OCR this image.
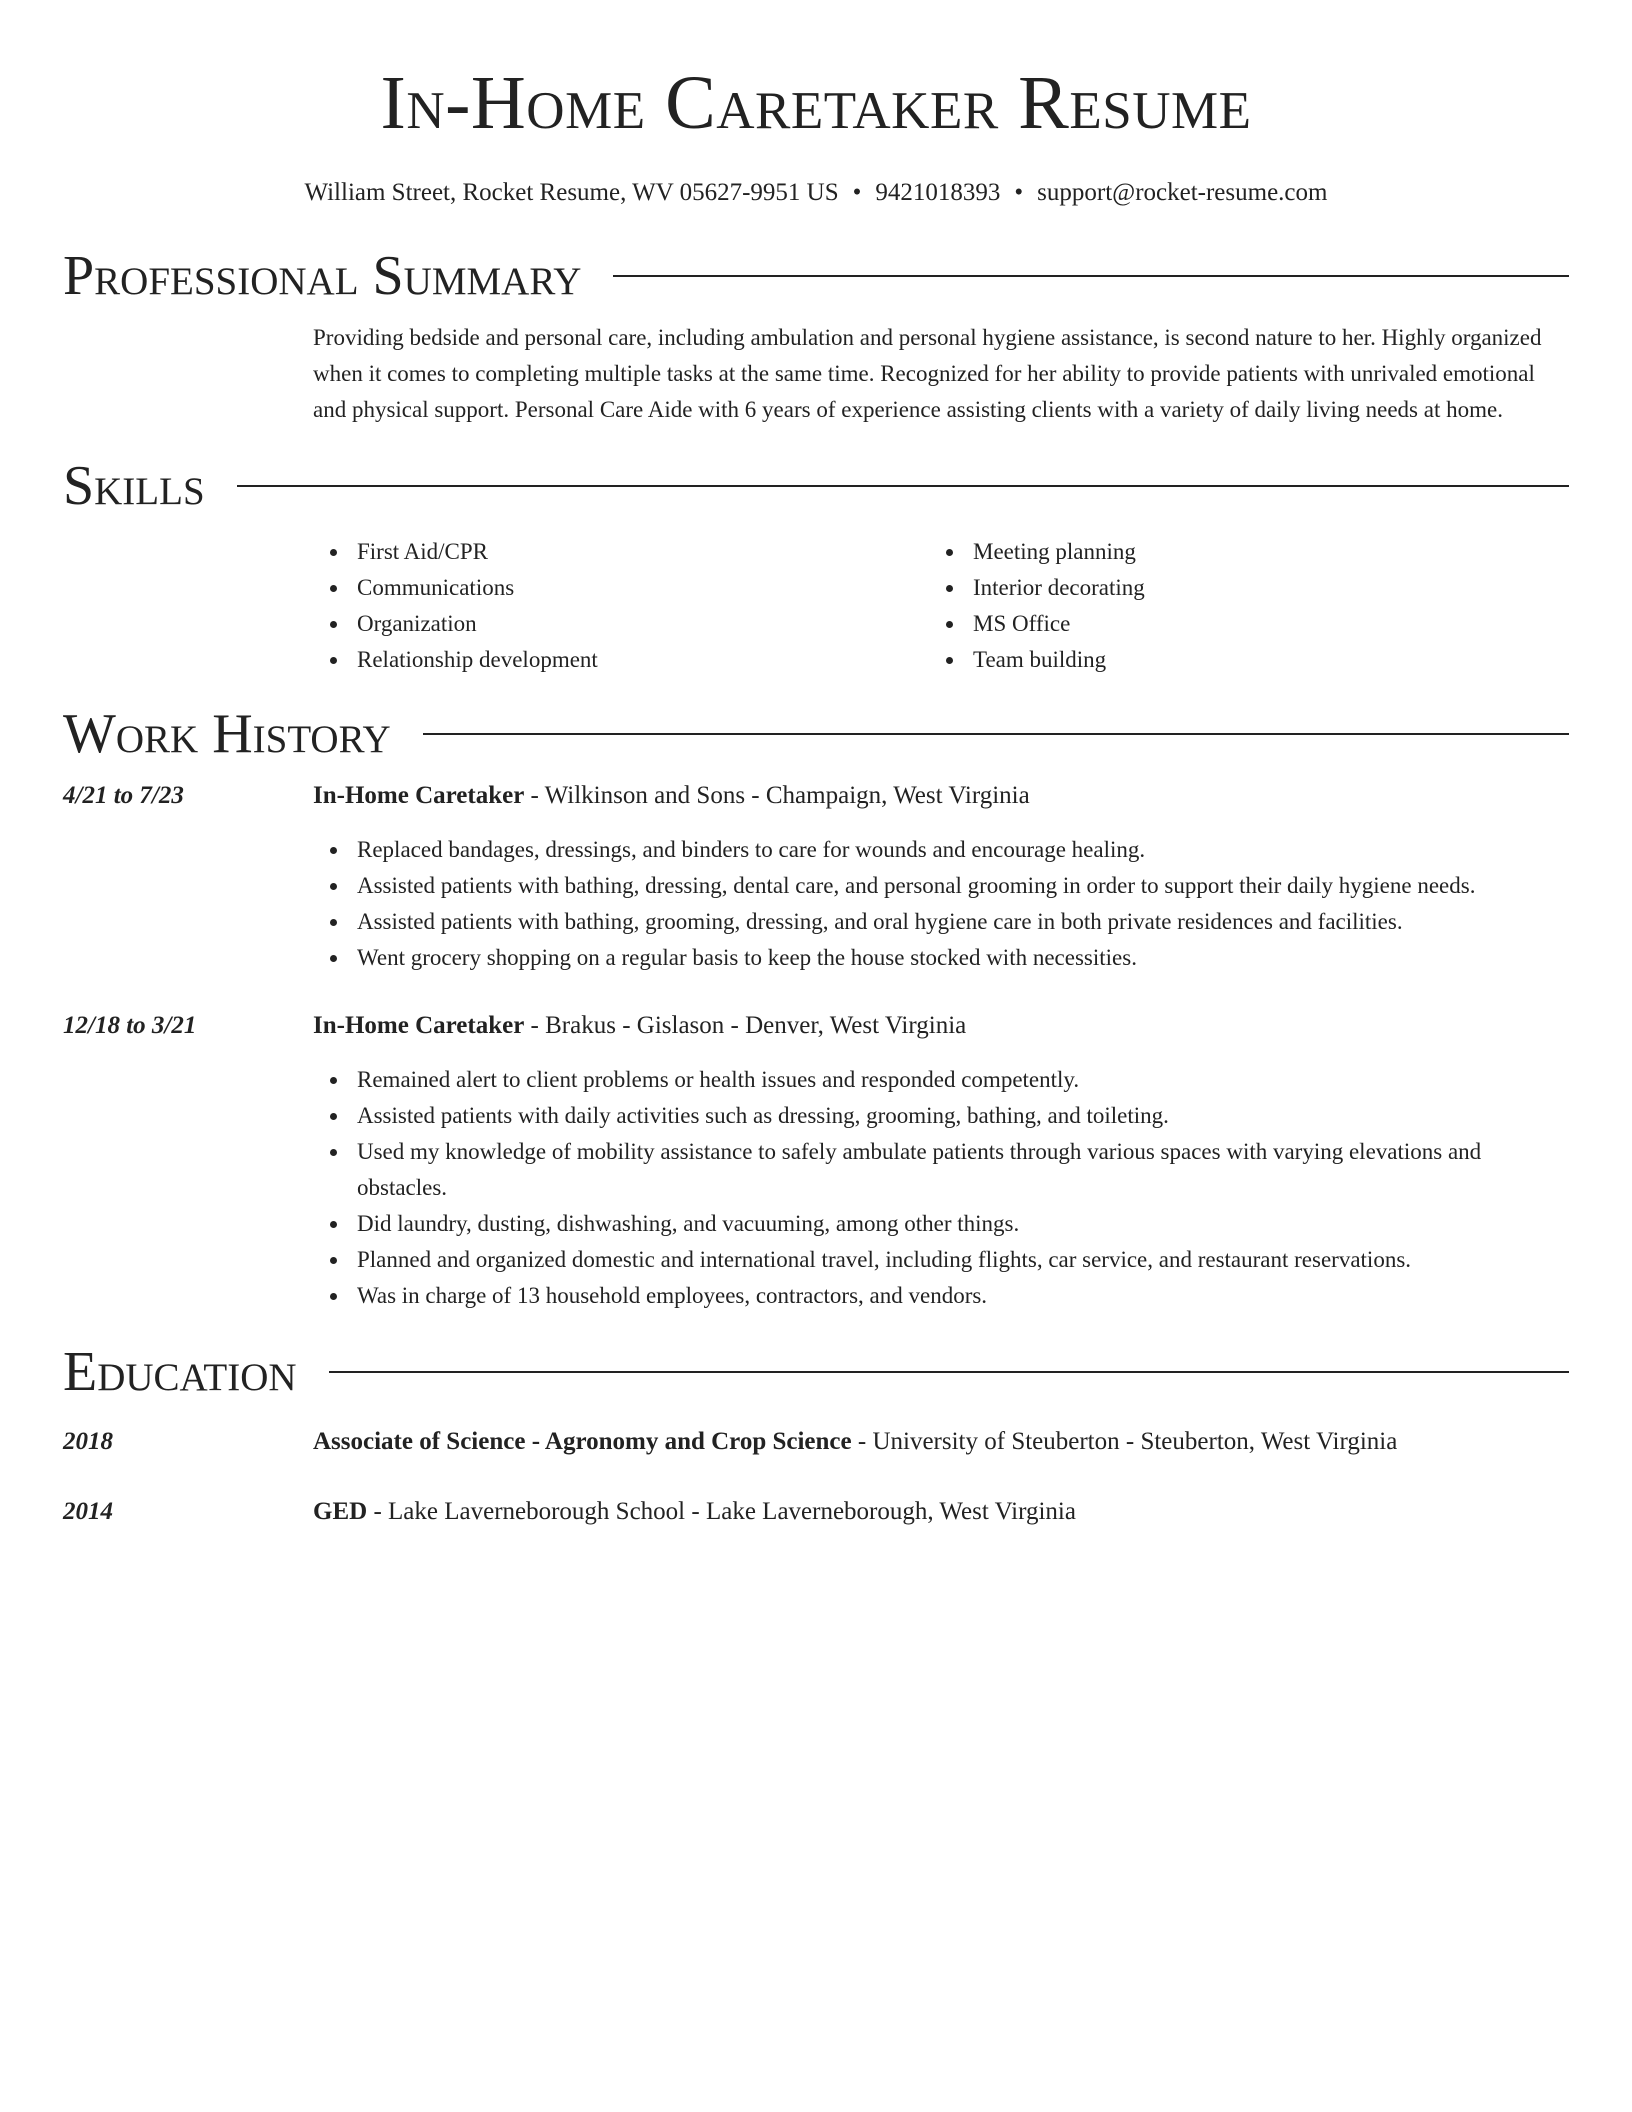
In-Home Caretaker Resume
William Street, Rocket Resume, WV 05627-9951 US • 9421018393 • support@rocket-resume.com
Professional Summary
Providing bedside and personal care, including ambulation and personal hygiene assistance, is second nature to her. Highly organized when it comes to completing multiple tasks at the same time. Recognized for her ability to provide patients with unrivaled emotional and physical support. Personal Care Aide with 6 years of experience assisting clients with a variety of daily living needs at home.
Skills
First Aid/CPR
Communications
Organization
Relationship development
Meeting planning
Interior decorating
MS Office
Team building
Work History
4/21 to 7/23	In-Home Caretaker - Wilkinson and Sons - Champaign, West Virginia
Replaced bandages, dressings, and binders to care for wounds and encourage healing.
Assisted patients with bathing, dressing, dental care, and personal grooming in order to support their daily hygiene needs.
Assisted patients with bathing, grooming, dressing, and oral hygiene care in both private residences and facilities.
Went grocery shopping on a regular basis to keep the house stocked with necessities.
12/18 to 3/21	In-Home Caretaker - Brakus - Gislason - Denver, West Virginia
Remained alert to client problems or health issues and responded competently.
Assisted patients with daily activities such as dressing, grooming, bathing, and toileting.
Used my knowledge of mobility assistance to safely ambulate patients through various spaces with varying elevations and obstacles.
Did laundry, dusting, dishwashing, and vacuuming, among other things.
Planned and organized domestic and international travel, including flights, car service, and restaurant reservations.
Was in charge of 13 household employees, contractors, and vendors.
Education
2018	Associate of Science - Agronomy and Crop Science - University of Steuberton - Steuberton, West Virginia
2014	GED - Lake Laverneborough School - Lake Laverneborough, West Virginia
